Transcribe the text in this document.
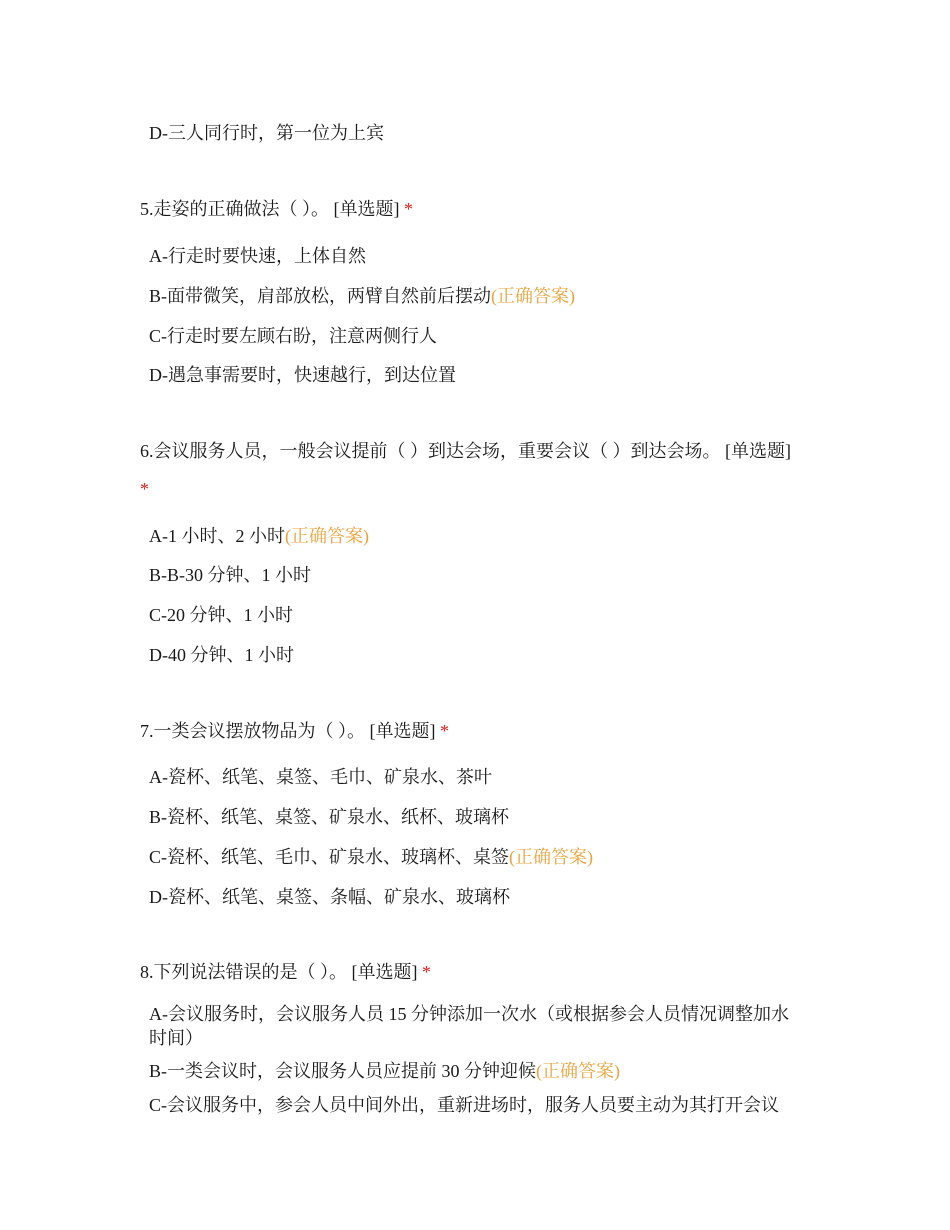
D-三人同行时，第一位为上宾
5.走姿的正确做法（ ）。 [单选题] *
A-行走时要快速，上体自然
B-面带微笑，肩部放松，两臂自然前后摆动(正确答案)
C-行走时要左顾右盼，注意两侧行人
D-遇急事需要时，快速越行，到达位置
6.会议服务人员，一般会议提前（ ）到达会场，重要会议（ ）到达会场。 [单选题] *
A-1 小时、2 小时(正确答案)
B-B-30 分钟、1 小时
C-20 分钟、1 小时
D-40 分钟、1 小时
7.一类会议摆放物品为（ ）。 [单选题] *
A-瓷杯、纸笔、桌签、毛巾、矿泉水、茶叶
B-瓷杯、纸笔、桌签、矿泉水、纸杯、玻璃杯
C-瓷杯、纸笔、毛巾、矿泉水、玻璃杯、桌签(正确答案)
D-瓷杯、纸笔、桌签、条幅、矿泉水、玻璃杯
8.下列说法错误的是（ ）。 [单选题] *
A-会议服务时，会议服务人员 15 分钟添加一次水（或根据参会人员情况调整加水时间）
B-一类会议时，会议服务人员应提前 30 分钟迎候(正确答案)
C-会议服务中，参会人员中间外出，重新进场时，服务人员要主动为其打开会议
